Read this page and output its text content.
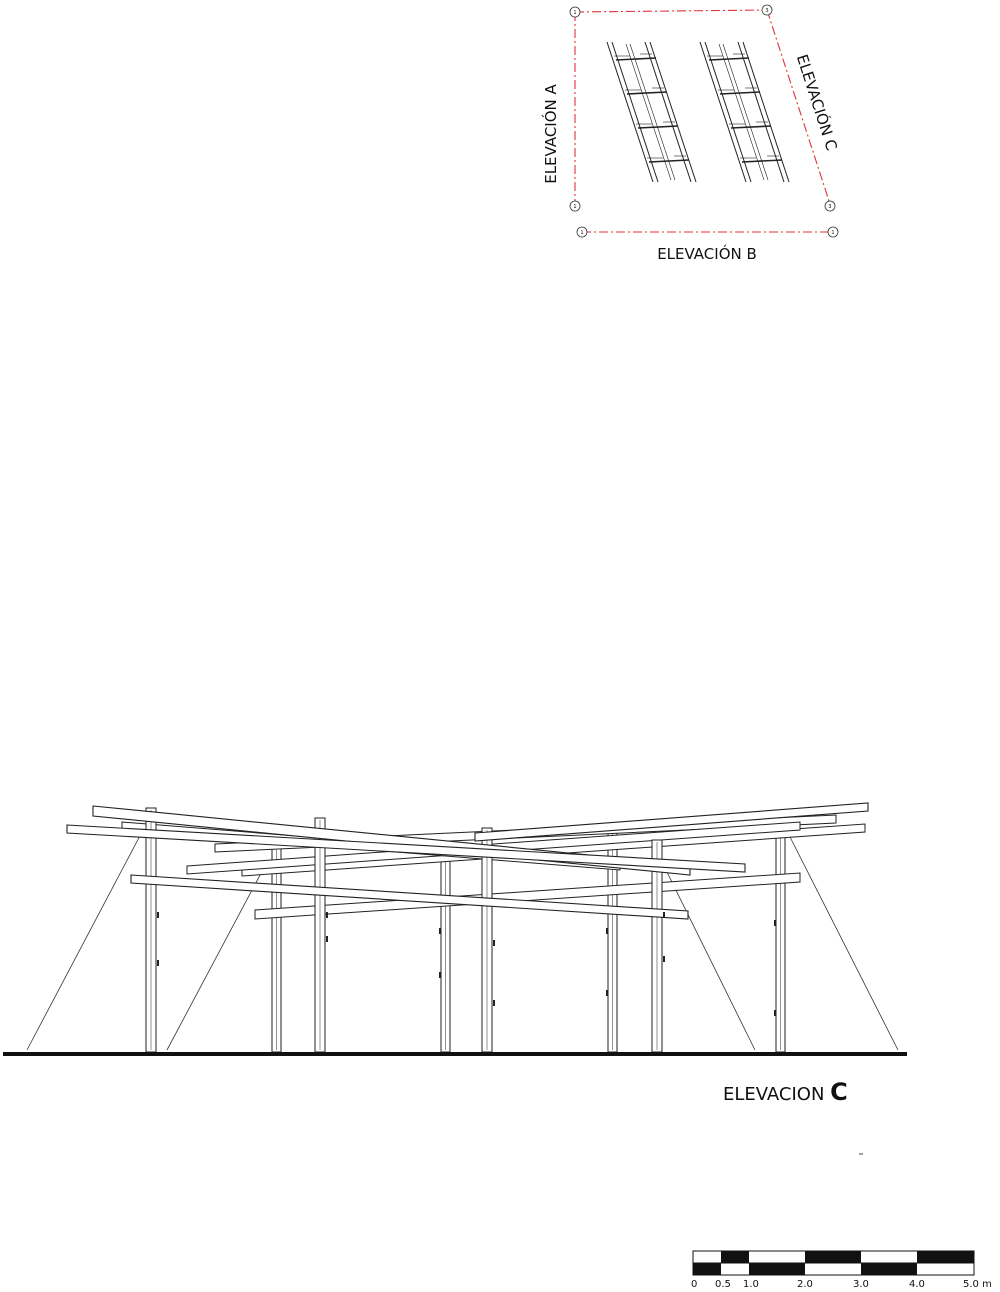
1	3
1	3
1	1
ELEVACIÓN A
ELEVACIÓN B
ELEVACIÓN C
ELEVACION C
0 0.5 1.0	2.0	3.0	4.0	5.0 m
